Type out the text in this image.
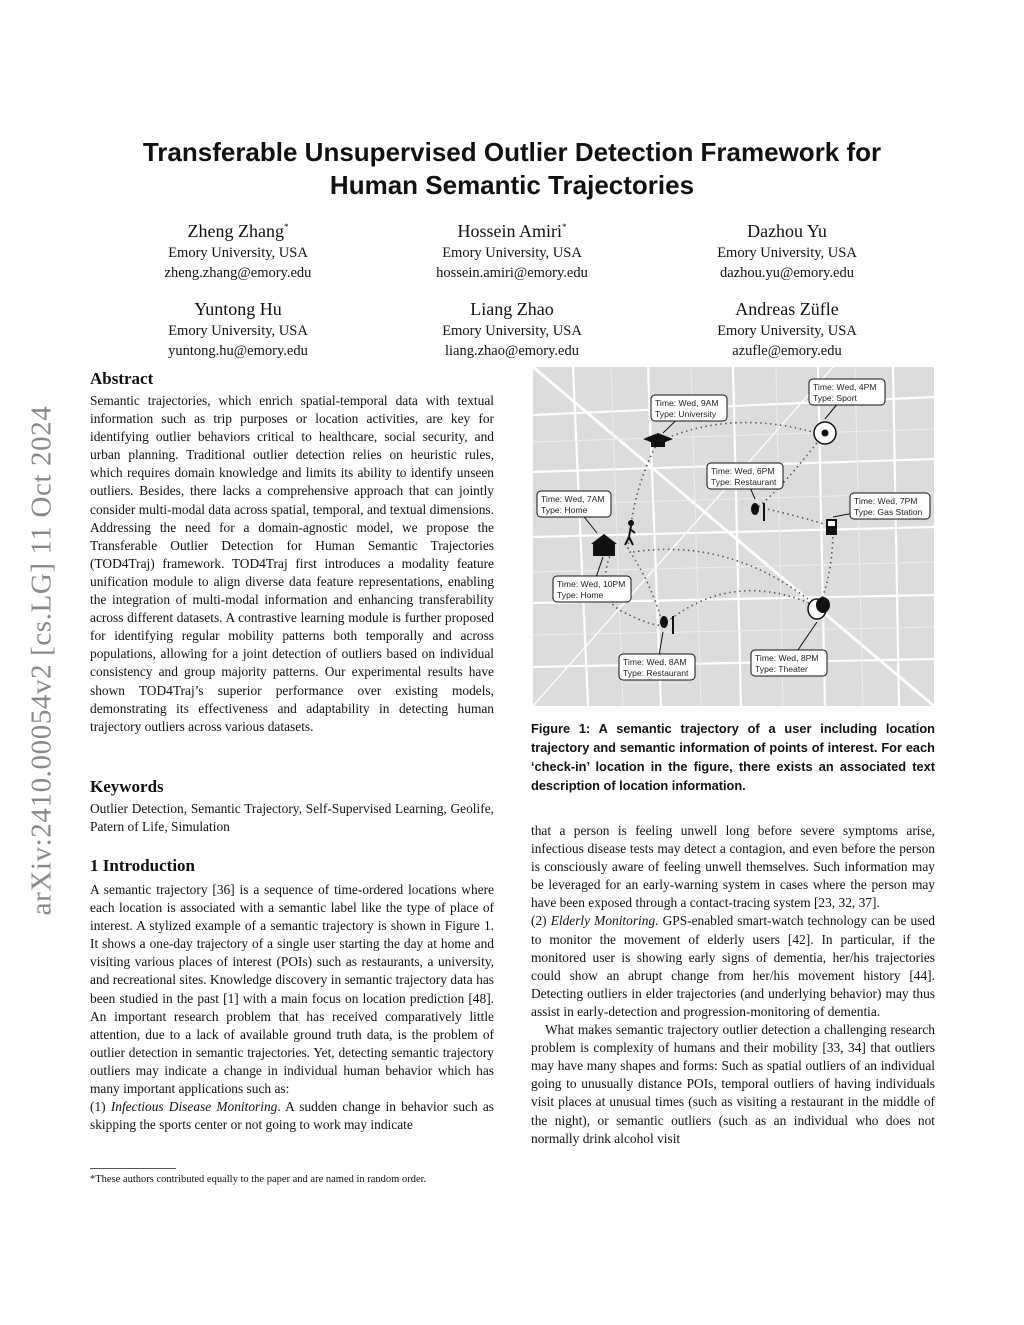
arXiv:2410.00054v2 [cs.LG] 11 Oct 2024
Transferable Unsupervised Outlier Detection Framework for
Human Semantic Trajectories
Zheng Zhang*
Emory University, USA
zheng.zhang@emory.edu
Hossein Amiri*
Emory University, USA
hossein.amiri@emory.edu
Dazhou Yu
Emory University, USA
dazhou.yu@emory.edu
Yuntong Hu
Emory University, USA
yuntong.hu@emory.edu
Liang Zhao
Emory University, USA
liang.zhao@emory.edu
Andreas Züfle
Emory University, USA
azufle@emory.edu
Abstract

Semantic trajectories, which enrich spatial-temporal data with textual information such as trip purposes or location activities, are key for identifying outlier behaviors critical to healthcare, social security, and urban planning. Traditional outlier detection relies on heuristic rules, which requires domain knowledge and limits its ability to identify unseen outliers. Besides, there lacks a comprehensive approach that can jointly consider multi-modal data across spatial, temporal, and textual dimensions. Addressing the need for a domain-agnostic model, we propose the Transferable Outlier Detection for Human Semantic Trajectories (TOD4Traj) framework. TOD4Traj first introduces a modality feature unification module to align diverse data feature representations, enabling the integration of multi-modal information and enhancing transferability across different datasets. A contrastive learning module is further proposed for identifying regular mobility patterns both temporally and across populations, allowing for a joint detection of outliers based on individual consistency and group majority patterns. Our experimental results have shown TOD4Traj’s superior performance over existing models, demonstrating its effectiveness and adaptability in detecting human trajectory outliers across various datasets.

Keywords

Outlier Detection, Semantic Trajectory, Self-Supervised Learning, Geolife, Patern of Life, Simulation

1 Introduction

A semantic trajectory [36] is a sequence of time-ordered locations where each location is associated with a semantic label like the type of place of interest. A stylized example of a semantic trajectory is shown in Figure 1. It shows a one-day trajectory of a single user starting the day at home and visiting various places of interest (POIs) such as restaurants, a university, and recreational sites. Knowledge discovery in semantic trajectory data has been studied in the past [1] with a main focus on location prediction [48]. An important research problem that has received comparatively little attention, due to a lack of available ground truth data, is the problem of outlier detection in semantic trajectories. Yet, detecting semantic trajectory outliers may indicate a change in individual human behavior which has many important applications such as:

(1) Infectious Disease Monitoring. A sudden change in behavior such as skipping the sports center or not going to work may indicate

*These authors contributed equally to the paper and are named in random order.
Time: Wed, 9AM
Type: University
Time: Wed, 4PM
Type: Sport
Time: Wed, 6PM
Type: Restaurant
Time: Wed, 7AM
Type: Home
Time: Wed, 7PM
Type: Gas Station
Time: Wed, 10PM
Type: Home
Time: Wed, 8AM
Type: Restaurant
Time: Wed, 8PM
Type: Theater
Figure 1: A semantic trajectory of a user including location trajectory and semantic information of points of interest. For each ‘check-in’ location in the figure, there exists an associated text description of location information.

that a person is feeling unwell long before severe symptoms arise, infectious disease tests may detect a contagion, and even before the person is consciously aware of feeling unwell themselves. Such information may be leveraged for an early-warning system in cases where the person may have been exposed through a contact-tracing system [23, 32, 37].

(2) Elderly Monitoring. GPS-enabled smart-watch technology can be used to monitor the movement of elderly users [42]. In particular, if the monitored user is showing early signs of dementia, her/his trajectories could show an abrupt change from her/his movement history [44]. Detecting outliers in elder trajectories (and underlying behavior) may thus assist in early-detection and progression-monitoring of dementia.

What makes semantic trajectory outlier detection a challenging research problem is complexity of humans and their mobility [33, 34] that outliers may have many shapes and forms: Such as spatial outliers of an individual going to unusually distance POIs, temporal outliers of having individuals visit places at unusual times (such as visiting a restaurant in the middle of the night), or semantic outliers (such as an individual who does not normally drink alcohol visit
